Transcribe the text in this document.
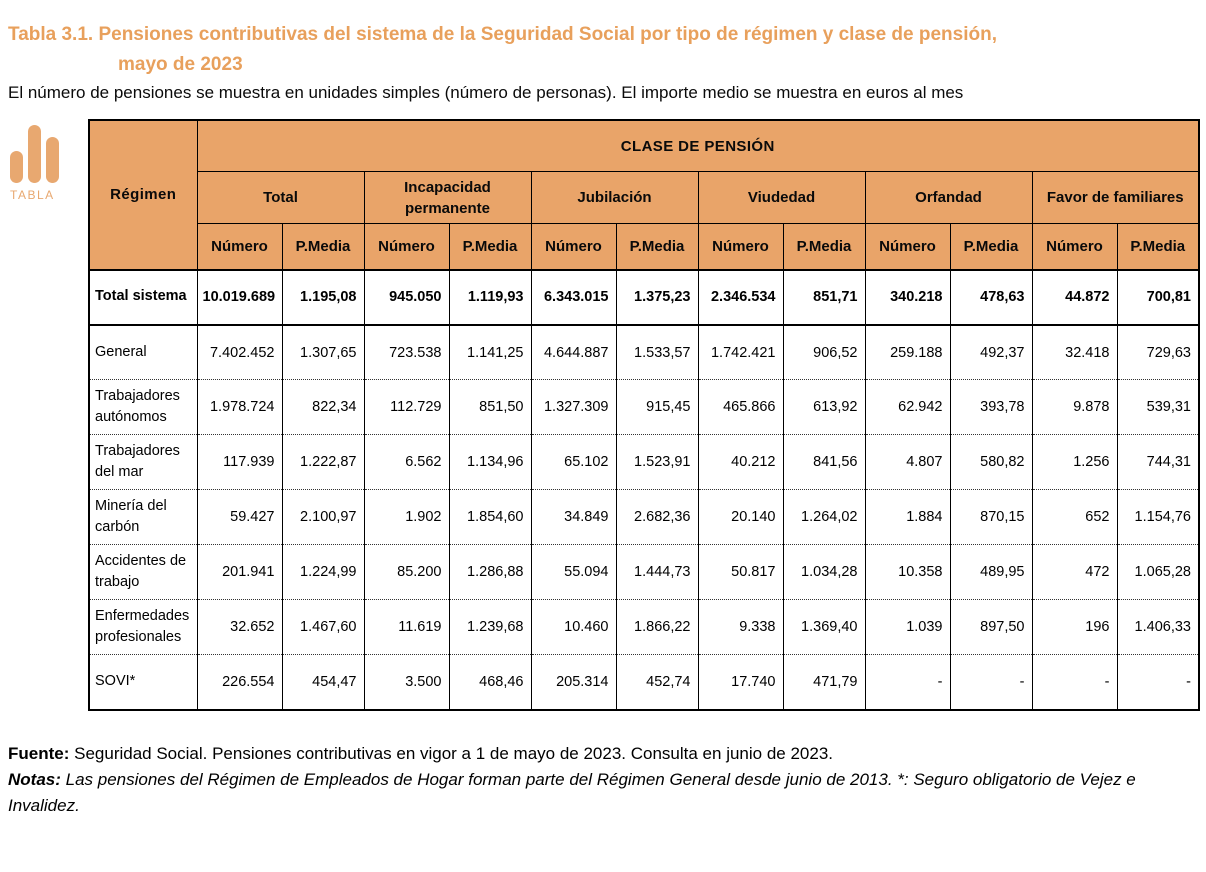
Tabla 3.1. Pensiones contributivas del sistema de la Seguridad Social por tipo de régimen y clase de pensión,
mayo de 2023
El número de pensiones se muestra en unidades simples (número de personas). El importe medio se muestra en euros al mes
TABLA	Régimen	CLASE DE PENSIÓN											
	Total		Incapacidad permanente		Jubilación		Viudedad		Orfandad		Favor de familiares	
	Número	P.Media	Número	P.Media	Número	P.Media	Número	P.Media	Número	P.Media	Número	P.Media
Total sistema	10.019.689	1.195,08	945.050	1.119,93	6.343.015	1.375,23	2.346.534	851,71	340.218	478,63	44.872	700,81
General	7.402.452	1.307,65	723.538	1.141,25	4.644.887	1.533,57	1.742.421	906,52	259.188	492,37	32.418	729,63
Trabajadores autónomos	1.978.724	822,34	112.729	851,50	1.327.309	915,45	465.866	613,92	62.942	393,78	9.878	539,31
Trabajadores del mar	117.939	1.222,87	6.562	1.134,96	65.102	1.523,91	40.212	841,56	4.807	580,82	1.256	744,31
Minería del carbón	59.427	2.100,97	1.902	1.854,60	34.849	2.682,36	20.140	1.264,02	1.884	870,15	652	1.154,76
Accidentes de trabajo	201.941	1.224,99	85.200	1.286,88	55.094	1.444,73	50.817	1.034,28	10.358	489,95	472	1.065,28
Enfermedades profesionales	32.652	1.467,60	11.619	1.239,68	10.460	1.866,22	9.338	1.369,40	1.039	897,50	196	1.406,33
SOVI*	226.554	454,47	3.500	468,46	205.314	452,74	17.740	471,79	-	-	-	-
Fuente: Seguridad Social. Pensiones contributivas en vigor a 1 de mayo de 2023. Consulta en junio de 2023.
Notas: Las pensiones del Régimen de Empleados de Hogar forman parte del Régimen General desde junio de 2013. *: Seguro obligatorio de Vejez e Invalidez.
